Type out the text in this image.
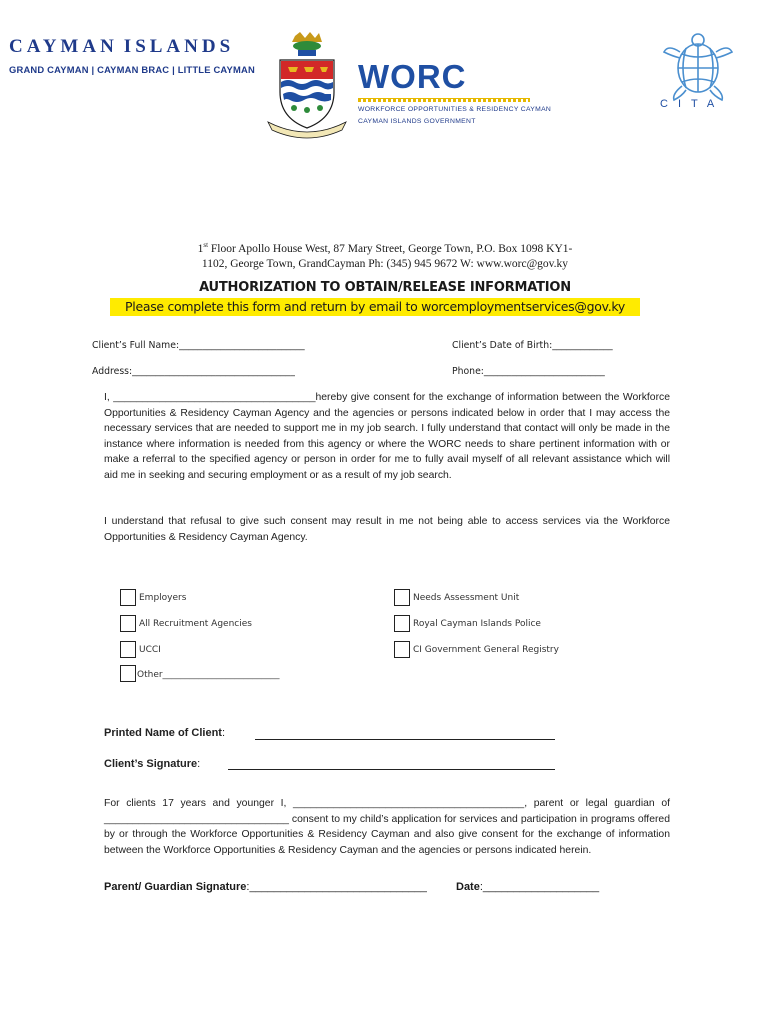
CAYMAN ISLANDS
GRAND CAYMAN | CAYMAN BRAC | LITTLE CAYMAN	WORC
WORKFORCE OPPORTUNITIES & RESIDENCY CAYMAN
CAYMAN ISLANDS GOVERNMENT
CITA
1st Floor Apollo House West, 87 Mary Street, George Town, P.O. Box 1098 KY1-
1102, George Town, GrandCayman Ph: (345) 945 9672 W: www.worc@gov.ky
AUTHORIZATION TO OBTAIN/RELEASE INFORMATION
Please complete this form and return by email to worcemploymentservices@gov.ky
Client’s Full Name:___________________________	Client’s Date of Birth:_____________
Address:___________________________________	Phone:__________________________
I, ___________________________________hereby give consent for the exchange of information between the Workforce Opportunities & Residency Cayman Agency and the agencies or persons indicated below in order that I may access the necessary services that are needed to support me in my job search. I fully understand that contact will only be made in the instance where information is needed from this agency or where the WORC needs to share pertinent information with or make a referral to the specified agency or person in order for me to fully avail myself of all relevant assistance which will aid me in seeking and securing employment or as a result of my job search.
I understand that refusal to give such consent may result in me not being able to access services via the Workforce Opportunities & Residency Cayman Agency.
Employers
All Recruitment Agencies
UCCI
Other__________________________
Needs Assessment Unit
Royal Cayman Islands Police
CI Government General Registry
Printed Name of Client:
Client’s Signature:
For clients 17 years and younger I, ________________________________________, parent or legal guardian of ________________________________ consent to my child’s application for services and participation in programs offered by or through the Workforce Opportunities & Residency Cayman and also give consent for the exchange of information between the Workforce Opportunities & Residency Cayman and the agencies or persons indicated herein.
Parent/ Guardian Signature:_____________________________	Date:___________________
